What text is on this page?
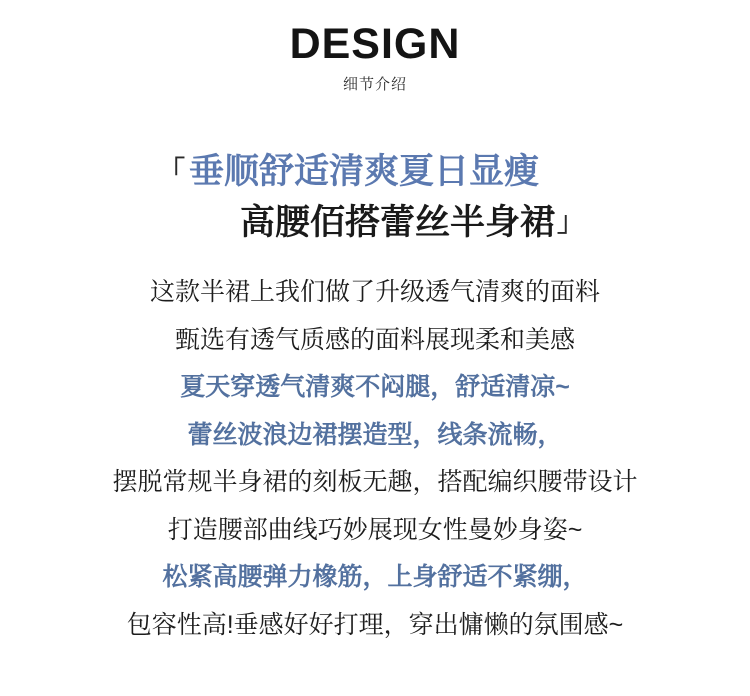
DESIGN
细节介绍
「 垂顺舒适清爽夏日显瘦
高腰佰搭蕾丝半身裙」
这款半裙上我们做了升级透气清爽的面料
甄选有透气质感的面料展现柔和美感
夏天穿透气清爽不闷腿，舒适清凉~
蕾丝波浪边裙摆造型，线条流畅，
摆脱常规半身裙的刻板无趣，搭配编织腰带设计
打造腰部曲线巧妙展现女性曼妙身姿~
松紧高腰弹力橡筋，上身舒适不紧绷，
包容性高!垂感好好打理，穿出慵懒的氛围感~
